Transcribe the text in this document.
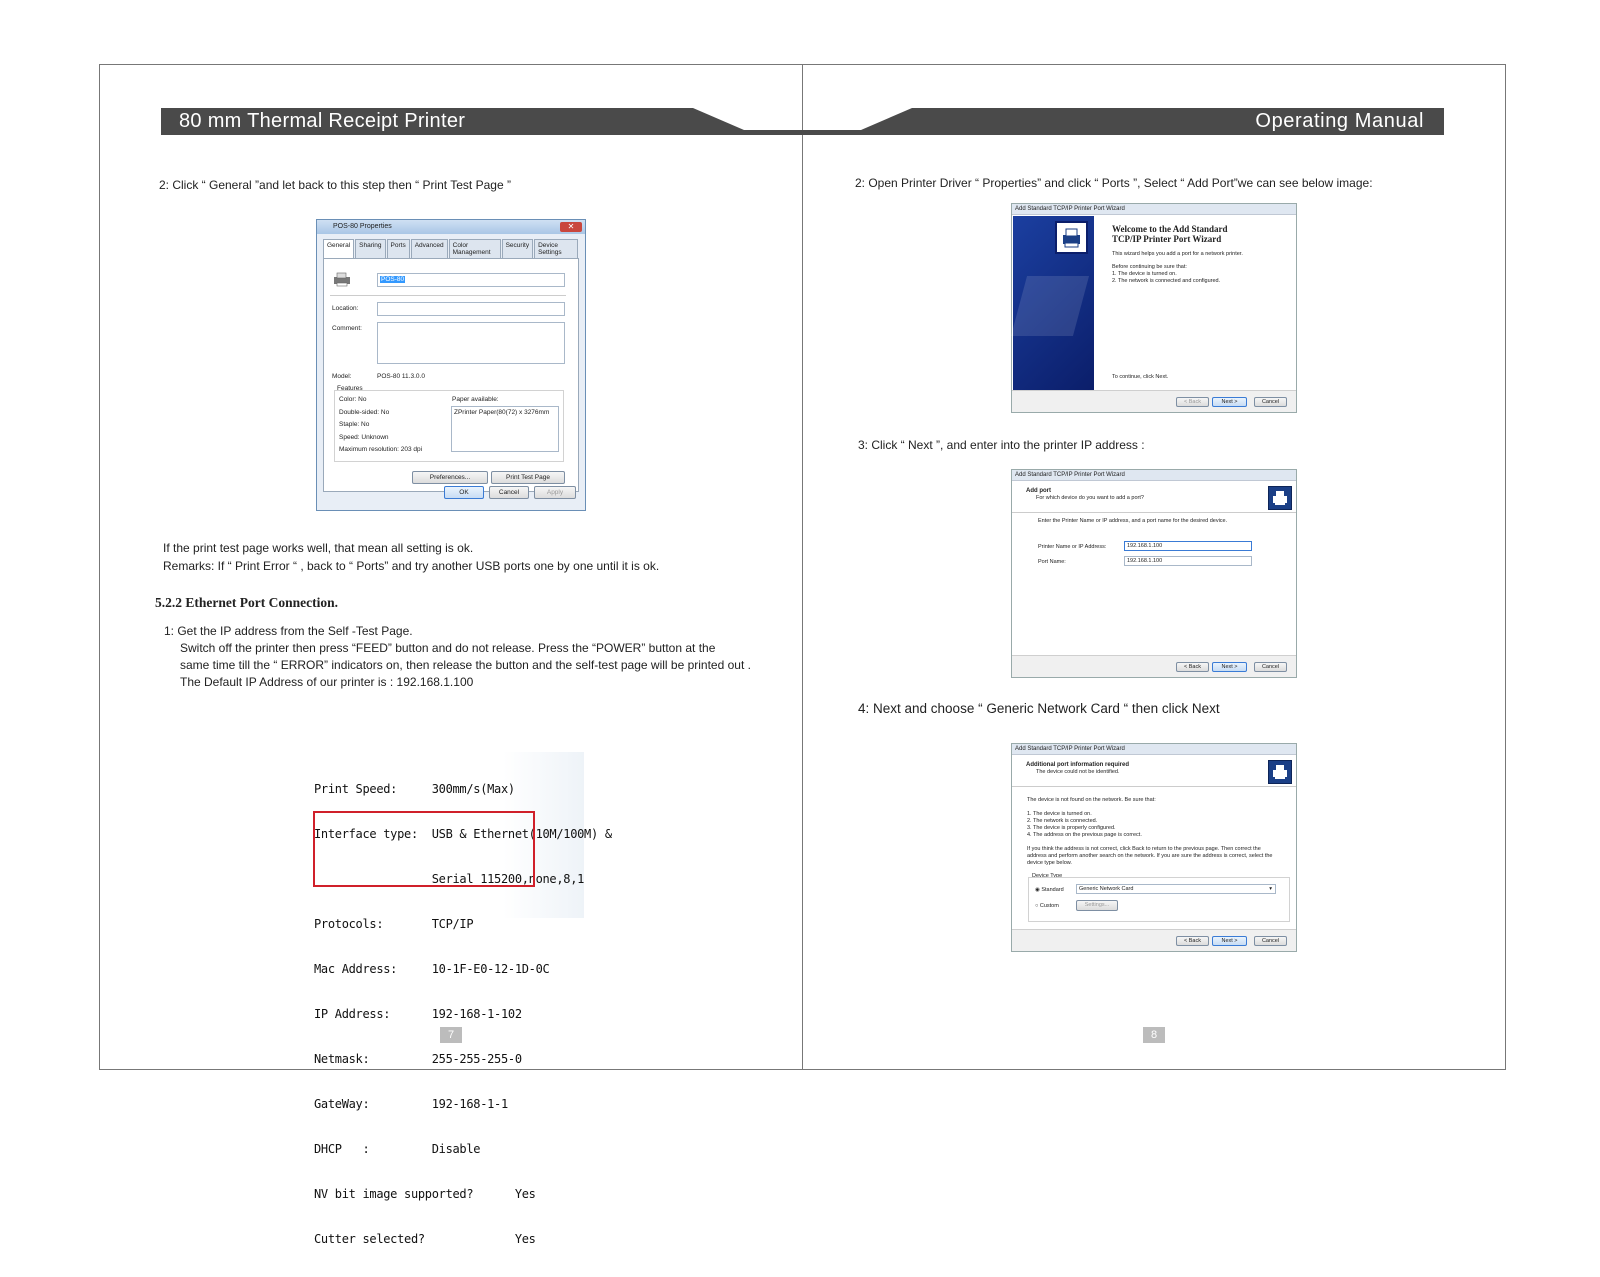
80 mm Thermal Receipt Printer	Operating Manual
2: Click “ General ”and let back to this step then “ Print Test Page ”
POS-80 Properties	✕
General	Sharing	Ports	Advanced	Color Management
Security	Device Settings
POS-80
Location:
Comment:
Model:	POS-80 11.3.0.0
Features
Color: No
Double-sided: No
Staple: No
Speed: Unknown
Maximum resolution: 203 dpi
Paper available:
ZPrinter Paper(80(72) x 3276mm
Preferences...	Print Test Page
OK	Cancel	Apply
If the print test page works well, that mean all setting is ok.
Remarks: If “ Print Error “ , back to “ Ports” and try another USB ports one by one until it is ok.
5.2.2 Ethernet Port Connection.
1: Get the IP address from the Self -Test Page.
Switch off the printer then press “FEED” button and do not release. Press the “POWER” button at the
same time till the “ ERROR” indicators on, then release the button and the self-test page will be printed out .
The Default IP Address of our printer is : 192.168.1.100

Print Speed:     300mm/s(Max)

Interface type:  USB & Ethernet(10M/100M) &

Serial 115200,none,8,1

Protocols:       TCP/IP

Mac Address:     10-1F-E0-12-1D-0C

IP Address:      192-168-1-102

Netmask:         255-255-255-0

GateWay:         192-168-1-1

DHCP   :         Disable

NV bit image supported?      Yes

Cutter selected?             Yes

7
2: Open Printer Driver “ Properties” and click “ Ports ”, Select “ Add Port”we can see below image:
Add Standard TCP/IP Printer Port Wizard
Welcome to the Add Standard
TCP/IP Printer Port Wizard
This wizard helps you add a port for a network printer.
Before continuing be sure that:
1. The device is turned on.
2. The network is connected and configured.
To continue, click Next.
< Back	Next >	Cancel
3: Click “ Next ”, and enter into the printer IP address :
Add Standard TCP/IP Printer Port Wizard
Add port
For which device do you want to add a port?
Enter the Printer Name or IP address, and a port name for the desired device.
Printer Name or IP Address:	192.168.1.100
Port Name:	192.168.1.100
< Back	Next >	Cancel
4: Next and choose “ Generic Network Card “ then click Next
Add Standard TCP/IP Printer Port Wizard
Additional port information required
The device could not be identified.
The device is not found on the network. Be sure that:
1. The device is turned on.
2. The network is connected.
3. The device is properly configured.
4. The address on the previous page is correct.
If you think the address is not correct, click Back to return to the previous page. Then correct the
address and perform another search on the network. If you are sure the address is correct, select the
device type below.
Device Type
◉ Standard	Generic Network Card	▾
○ Custom	Settings...
< Back	Next >	Cancel
8
